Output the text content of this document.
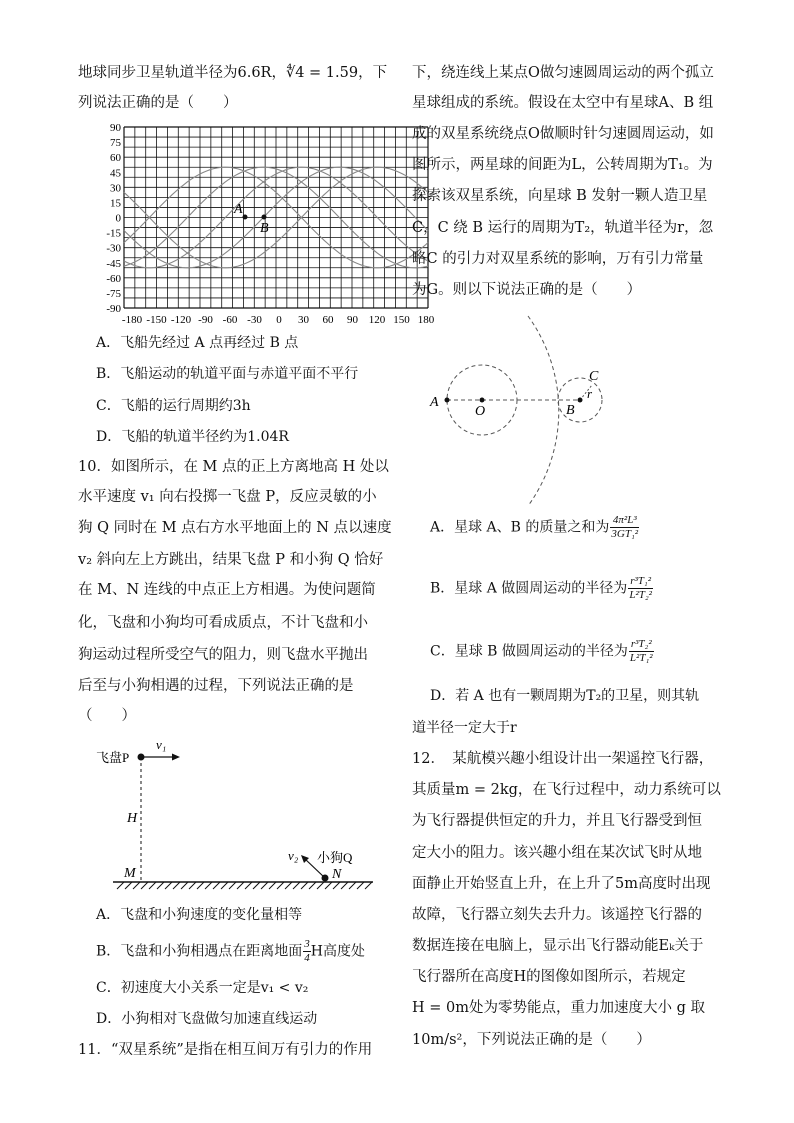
地球同步卫星轨道半径为6.6R，∜4 = 1.59，下
列说法正确的是（　　）
90
75
60
45
30
15
0
-15
-30
-45
-60
-75
-90
-180 -150 -120 -90 -60 -30 0 30 60 90 120 150 180
A
B
A．飞船先经过 A 点再经过 B 点
B．飞船运动的轨道平面与赤道平面不平行
C．飞船的运行周期约3h
D．飞船的轨道半径约为1.04R
10．如图所示，在 M 点的正上方离地高 H 处以
水平速度 v₁ 向右投掷一飞盘 P，反应灵敏的小
狗 Q 同时在 M 点右方水平地面上的 N 点以速度
v₂ 斜向左上方跳出，结果飞盘 P 和小狗 Q 恰好
在 M、N 连线的中点正上方相遇。为使问题简
化，飞盘和小狗均可看成质点，不计飞盘和小
狗运动过程所受空气的阻力，则飞盘水平抛出
后至与小狗相遇的过程，下列说法正确的是
（　　）
飞盘P
v₁
H
M	N
v₂ 小狗Q
A．飞盘和小狗速度的变化量相等
B．飞盘和小狗相遇点在距离地面 $\frac{3}{4}$ H高度处
C．初速度大小关系一定是v₁ < v₂
D．小狗相对飞盘做匀加速直线运动
11．“双星系统”是指在相互间万有引力的作用
下，绕连线上某点O做匀速圆周运动的两个孤立
星球组成的系统。假设在太空中有星球A、B 组
成的双星系统绕点O做顺时针匀速圆周运动，如
图所示，两星球的间距为L，公转周期为T₁。为
探索该双星系统，向星球 B 发射一颗人造卫星
C，C 绕 B 运行的周期为T₂，轨道半径为r，忽
略C 的引力对双星系统的影响，万有引力常量
为G。则以下说法正确的是（　　）
A
O	B
C
r
A．星球 A、B 的质量之和为 $\frac{\text{4π²L³}}{\text{3GT₁²}}$
B．星球 A 做圆周运动的半径为 $\frac{\text{r³T₁²}}{\text{L²T₂²}}$
C．星球 B 做圆周运动的半径为 $\frac{\text{r³T₂²}}{\text{L²T₁²}}$
D．若 A 也有一颗周期为T₂的卫星，则其轨
道半径一定大于r
12．　某航模兴趣小组设计出一架遥控飞行器，
其质量m = 2kg，在飞行过程中，动力系统可以
为飞行器提供恒定的升力，并且飞行器受到恒
定大小的阻力。该兴趣小组在某次试飞时从地
面静止开始竖直上升，在上升了5m高度时出现
故障，飞行器立刻失去升力。该遥控飞行器的
数据连接在电脑上，显示出飞行器动能Eₖ关于
飞行器所在高度H的图像如图所示，若规定
H = 0m处为零势能点，重力加速度大小 g 取
10m/s²，下列说法正确的是（　　）
